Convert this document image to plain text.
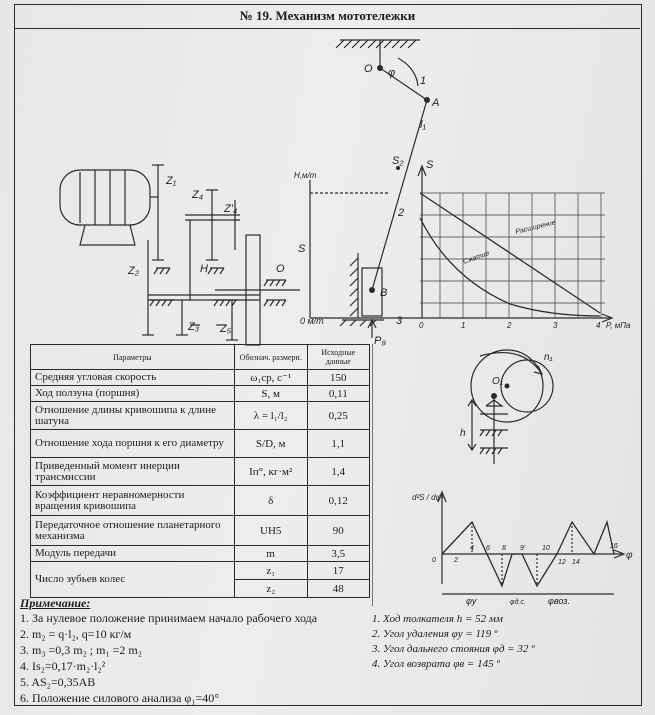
№ 19. Механизм мототележки
O φ
1
A
l₁
S₂ S
2
B
3
P₈
H,м/т
S
0 м/т	P, мПа
Расширение
Сжатие
0	1	2	3	4
Z₁
Z₄
Z'₄
Z₂	H	O
Z₃ Z₅
Параметры	Обознач. размерн.	Исходные данные
Средняя угловая скорость	ω₁ср, с⁻¹	150
Ход ползуна (поршня)	S, м	0,11
Отношение длины кривошипа к длине шатуна	λ = l₁/l₂	0,25
Отношение хода поршня к его диаметру	S/D, м	1,1
Приведенный момент инерции трансмиссии	Iп°, кг·м²	1,4
Коэффициент неравномерности вращения кривошипа	δ	0,12
Передаточное отношение планетарного механизма	UH5	90
Модуль передачи	m	3,5
Число зубьев колес	z₁	17
	z₂	48
O₁
n₁
h
d²S / dφ²
φ
4 6 8 9' 10
0	2	12 14
16
φу	φд.с. φвоз.
Примечание:
1. За нулевое положение принимаем начало рабочего хода
2. m₂ = q·l₂, q=10 кг/м
3. m₃ =0,3 m₂ ; m₁ =2 m₂
4. Is₂=0,17·m₂·l₂²
5. AS₂=0,35AB
6. Положение силового анализа φ₁=40°
1. Ход толкателя h = 52 мм
2. Угол удаления φу = 119 º
3. Угол дальнего стояния φд = 32 º
4. Угол возврата φв = 145 º
